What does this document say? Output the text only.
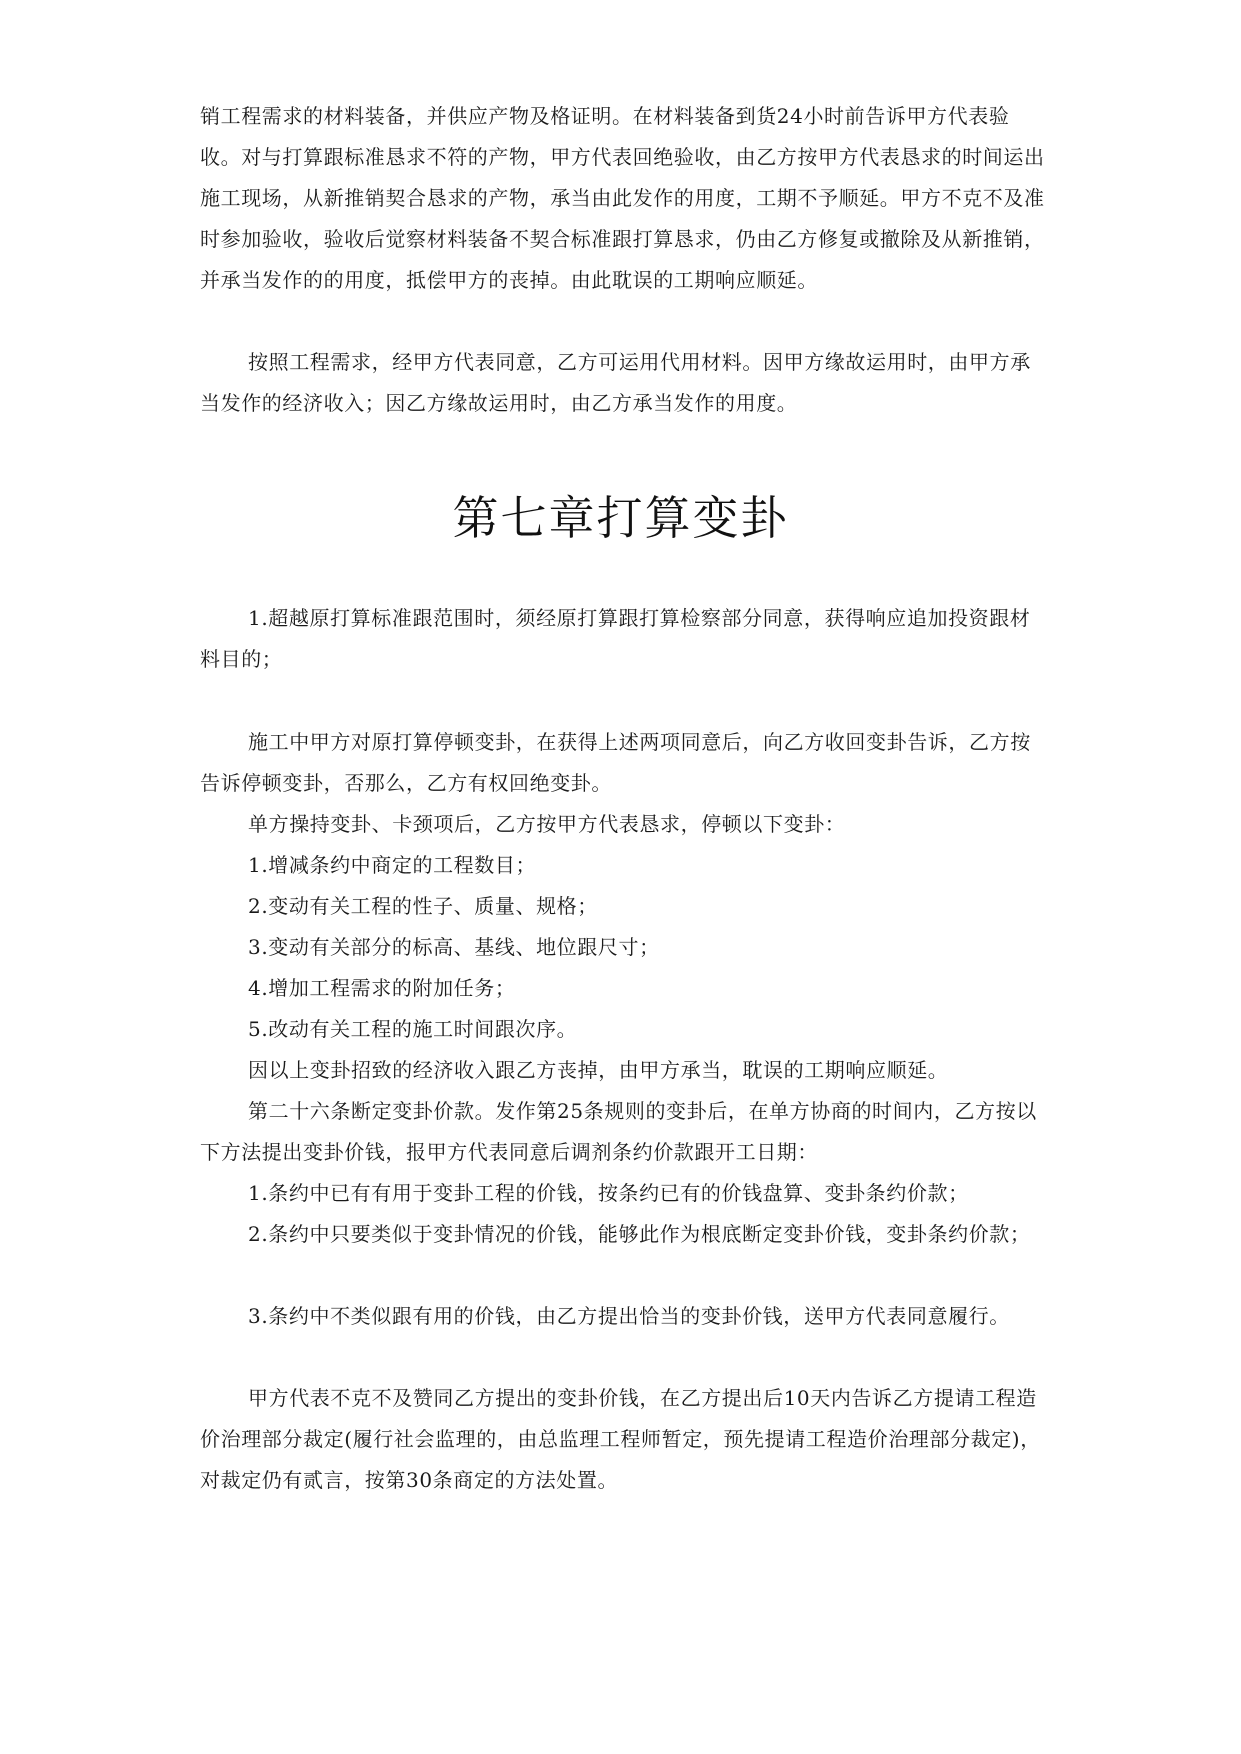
销工程需求的材料装备，并供应产物及格证明。在材料装备到货24小时前告诉甲方代表验收。对与打算跟标准恳求不符的产物，甲方代表回绝验收，由乙方按甲方代表恳求的时间运出施工现场，从新推销契合恳求的产物，承当由此发作的用度，工期不予顺延。甲方不克不及准时参加验收，验收后觉察材料装备不契合标准跟打算恳求，仍由乙方修复或撤除及从新推销，并承当发作的的用度，抵偿甲方的丧掉。由此耽误的工期响应顺延。

按照工程需求，经甲方代表同意，乙方可运用代用材料。因甲方缘故运用时，由甲方承当发作的经济收入；因乙方缘故运用时，由乙方承当发作的用度。

第七章打算变卦

1.超越原打算标准跟范围时，须经原打算跟打算检察部分同意，获得响应追加投资跟材料目的；

施工中甲方对原打算停顿变卦，在获得上述两项同意后，向乙方收回变卦告诉，乙方按告诉停顿变卦，否那么，乙方有权回绝变卦。

单方操持变卦、卡颈项后，乙方按甲方代表恳求，停顿以下变卦：

1.增减条约中商定的工程数目；

2.变动有关工程的性子、质量、规格；

3.变动有关部分的标高、基线、地位跟尺寸；

4.增加工程需求的附加任务；

5.改动有关工程的施工时间跟次序。

因以上变卦招致的经济收入跟乙方丧掉，由甲方承当，耽误的工期响应顺延。

第二十六条断定变卦价款。发作第25条规则的变卦后，在单方协商的时间内，乙方按以下方法提出变卦价钱，报甲方代表同意后调剂条约价款跟开工日期：

1.条约中已有有用于变卦工程的价钱，按条约已有的价钱盘算、变卦条约价款；

2.条约中只要类似于变卦情况的价钱，能够此作为根底断定变卦价钱，变卦条约价款；

3.条约中不类似跟有用的价钱，由乙方提出恰当的变卦价钱，送甲方代表同意履行。

甲方代表不克不及赞同乙方提出的变卦价钱，在乙方提出后10天内告诉乙方提请工程造价治理部分裁定(履行社会监理的，由总监理工程师暂定，预先提请工程造价治理部分裁定)，对裁定仍有贰言，按第30条商定的方法处置。
